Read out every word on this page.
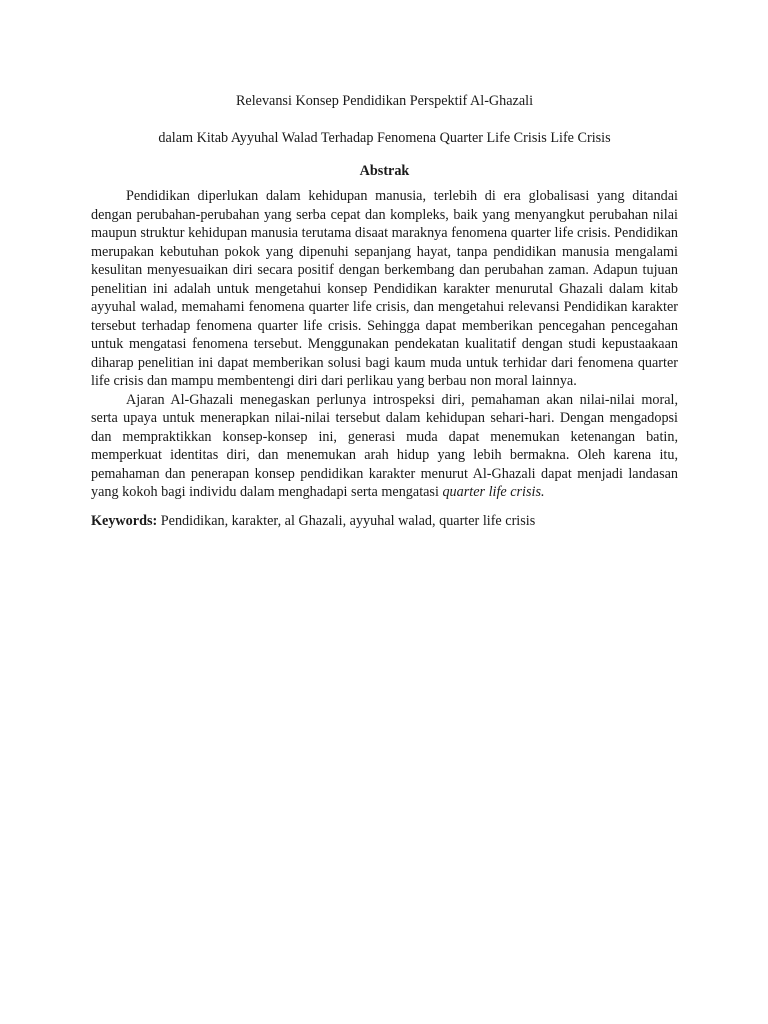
Relevansi Konsep Pendidikan Perspektif Al-Ghazali

dalam Kitab Ayyuhal Walad Terhadap Fenomena Quarter Life Crisis Life Crisis

Abstrak

Pendidikan diperlukan dalam kehidupan manusia, terlebih di era globalisasi yang ditandai dengan perubahan-perubahan yang serba cepat dan kompleks, baik yang menyangkut perubahan nilai maupun struktur kehidupan manusia terutama disaat maraknya fenomena quarter life crisis. Pendidikan merupakan kebutuhan pokok yang dipenuhi sepanjang hayat, tanpa pendidikan manusia mengalami kesulitan menyesuaikan diri secara positif dengan berkembang dan perubahan zaman. Adapun tujuan penelitian ini adalah untuk mengetahui konsep Pendidikan karakter menurutal Ghazali dalam kitab ayyuhal walad, memahami fenomena quarter life crisis, dan mengetahui relevansi Pendidikan karakter tersebut terhadap fenomena quarter life crisis. Sehingga dapat memberikan pencegahan pencegahan untuk mengatasi fenomena tersebut. Menggunakan pendekatan kualitatif dengan studi kepustaakaan diharap penelitian ini dapat memberikan solusi bagi kaum muda untuk terhidar dari fenomena quarter life crisis dan mampu membentengi diri dari perlikau yang berbau non moral lainnya.

Ajaran Al-Ghazali menegaskan perlunya introspeksi diri, pemahaman akan nilai-nilai moral, serta upaya untuk menerapkan nilai-nilai tersebut dalam kehidupan sehari-hari. Dengan mengadopsi dan mempraktikkan konsep-konsep ini, generasi muda dapat menemukan ketenangan batin, memperkuat identitas diri, dan menemukan arah hidup yang lebih bermakna. Oleh karena itu, pemahaman dan penerapan konsep pendidikan karakter menurut Al-Ghazali dapat menjadi landasan yang kokoh bagi individu dalam menghadapi serta mengatasi quarter life crisis.

Keywords: Pendidikan, karakter, al Ghazali, ayyuhal walad, quarter life crisis
